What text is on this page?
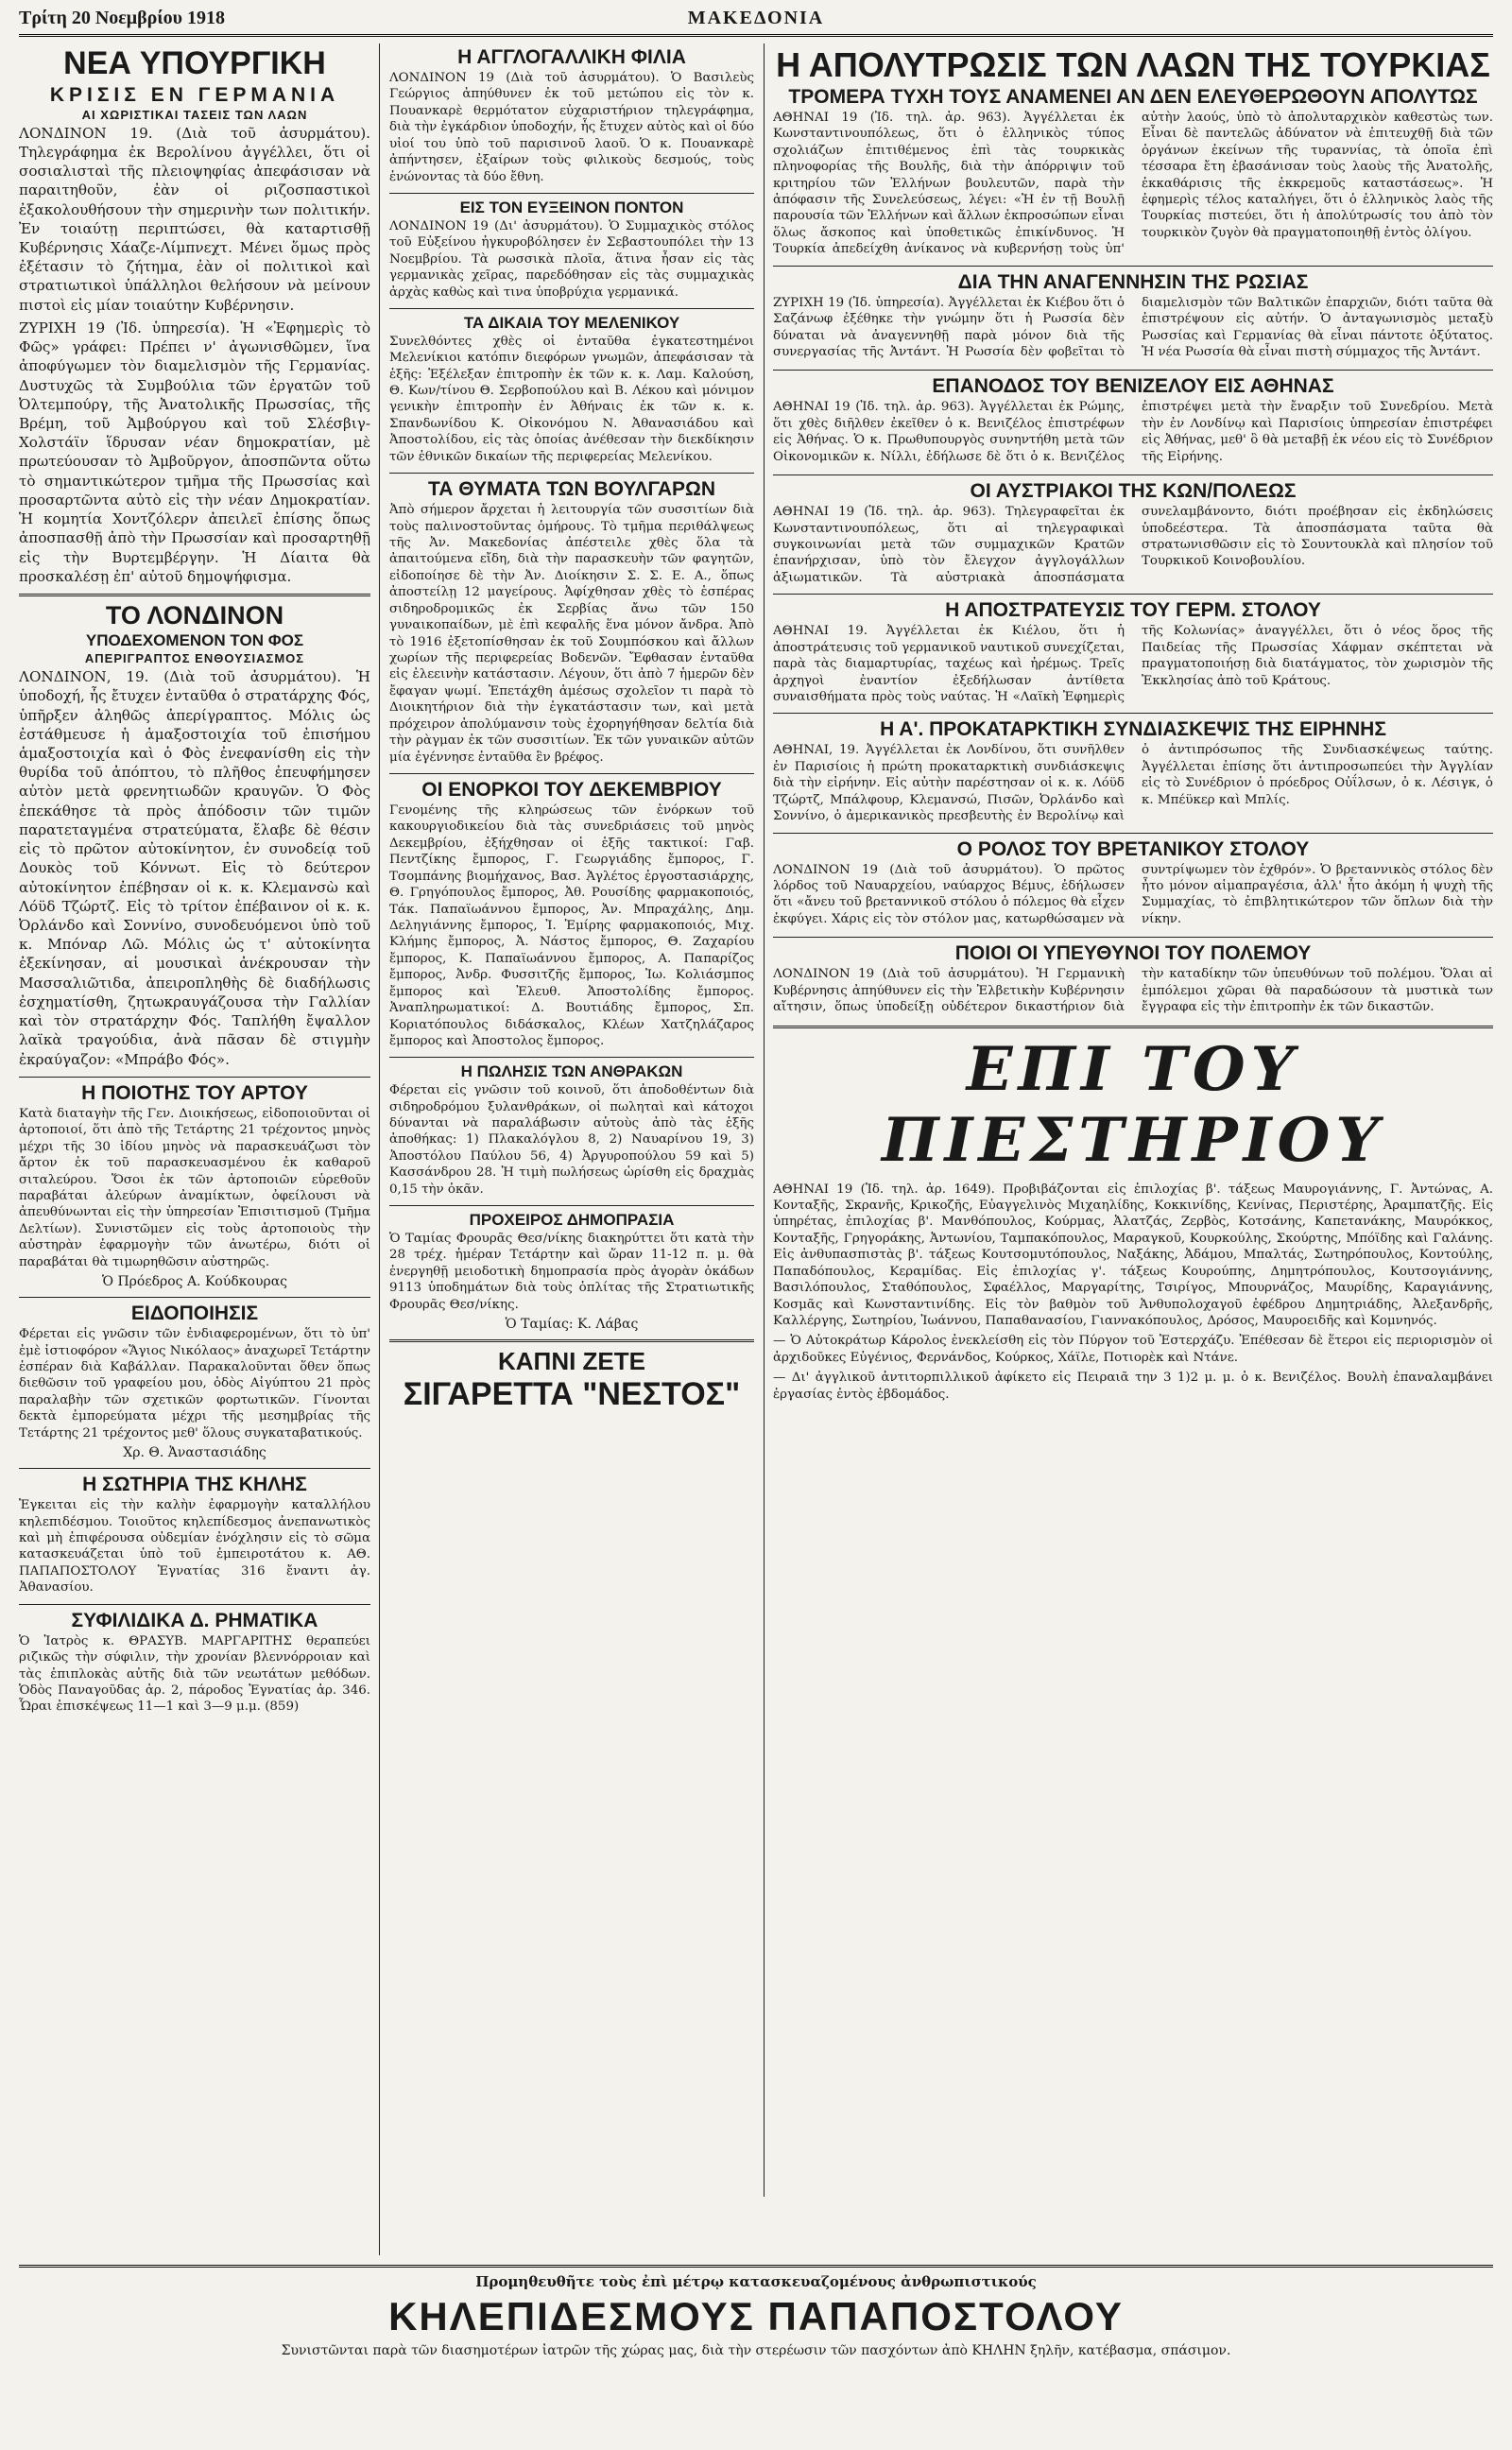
Τρίτη 20 Νοεμβρίου 1918	ΜΑΚΕΔΟΝΙΑ
ΝΕΑ ΥΠΟΥΡΓΙΚΗ
ΚΡΙΣΙΣ ΕΝ ΓΕΡΜΑΝΙΑ
ΑΙ ΧΩΡΙΣΤΙΚΑΙ ΤΑΣΕΙΣ ΤΩΝ ΛΑΩΝ

ΛΟΝΔΙΝΟΝ 19. (Διὰ τοῦ ἀσυρμάτου). Τηλεγράφημα ἐκ Βερολίνου ἀγγέλλει, ὅτι οἱ σοσιαλισταὶ τῆς πλειοψηφίας ἀπεφάσισαν νὰ παραιτηθοῦν, ἐὰν οἱ ριζοσπαστικοὶ ἐξακολουθήσουν τὴν σημερινὴν των πολιτικήν. Ἐν τοιαύτῃ περιπτώσει, θὰ καταρτισθῇ Κυβέρνησις Χάαζε-Λίμπνεχτ. Μένει ὅμως πρὸς ἐξέτασιν τὸ ζήτημα, ἐὰν οἱ πολιτικοὶ καὶ στρατιωτικοὶ ὑπάλληλοι θελήσουν νὰ μείνουν πιστοὶ εἰς μίαν τοιαύτην Κυβέρνησιν.

ΖΥΡΙΧΗ 19 (Ἰδ. ὑπηρεσία). Ἡ «Ἐφημερὶς τὸ Φῶς» γράφει: Πρέπει ν' ἀγωνισθῶμεν, ἵνα ἀποφύγωμεν τὸν διαμελισμὸν τῆς Γερμανίας. Δυστυχῶς τὰ Συμβούλια τῶν ἐργατῶν τοῦ Ὀλτεμπούργ, τῆς Ἀνατολικῆς Πρωσσίας, τῆς Βρέμη, τοῦ Ἀμβούργου καὶ τοῦ Σλέσβιγ-Χολστάϊν ἵδρυσαν νέαν δημοκρατίαν, μὲ πρωτεύουσαν τὸ Ἀμβοῦργον, ἀποσπῶντα οὕτω τὸ σημαντικώτερον τμῆμα τῆς Πρωσσίας καὶ προσαρτῶντα αὐτὸ εἰς τὴν νέαν Δημοκρατίαν. Ἡ κομητία Χοντζόλερν ἀπειλεῖ ἐπίσης ὅπως ἀποσπασθῇ ἀπὸ τὴν Πρωσσίαν καὶ προσαρτηθῇ εἰς τὴν Βυρτεμβέργην. Ἡ Δίαιτα θὰ προσκαλέσῃ ἐπ' αὐτοῦ δημοψήφισμα.

ΤΟ ΛΟΝΔΙΝΟΝ
ΥΠΟΔΕΧΟΜΕΝΟΝ ΤΟΝ ΦΟΣ
ΑΠΕΡΙΓΡΑΠΤΟΣ ΕΝΘΟΥΣΙΑΣΜΟΣ

ΛΟΝΔΙΝΟΝ, 19. (Διὰ τοῦ ἀσυρμάτου). Ἡ ὑποδοχή, ἧς ἔτυχεν ἐνταῦθα ὁ στρατάρχης Φός, ὑπῆρξεν ἀληθῶς ἀπερίγραπτος. Μόλις ὡς ἐστάθμευσε ἡ ἁμαξοστοιχία τοῦ ἐπισήμου ἁμαξοστοιχία καὶ ὁ Φὸς ἐνεφανίσθη εἰς τὴν θυρίδα τοῦ ἀπόπτου, τὸ πλῆθος ἐπευφήμησεν αὐτὸν μετὰ φρενητιωδῶν κραυγῶν. Ὁ Φὸς ἐπεκάθησε τὰ πρὸς ἀπόδοσιν τῶν τιμῶν παρατεταγμένα στρατεύματα, ἔλαβε δὲ θέσιν εἰς τὸ πρῶτον αὐτοκίνητον, ἐν συνοδείᾳ τοῦ Δουκὸς τοῦ Κόννωτ. Εἰς τὸ δεύτερον αὐτοκίνητον ἐπέβησαν οἱ κ. κ. Κλεμανσὼ καὶ Λόϋδ Τζώρτζ. Εἰς τὸ τρίτον ἐπέβαινον οἱ κ. κ. Ὀρλάνδο καὶ Σοννίνο, συνοδευόμενοι ὑπὸ τοῦ κ. Μπόναρ Λῶ. Μόλις ὡς τ' αὐτοκίνητα ἐξεκίνησαν, αἱ μουσικαὶ ἀνέκρουσαν τὴν Μασσαλιῶτιδα, ἀπειροπληθὴς δὲ διαδήλωσις ἐσχηματίσθη, ζητωκραυγάζουσα τὴν Γαλλίαν καὶ τὸν στρατάρχην Φός. Ταπλήθη ἔψαλλον λαϊκὰ τραγούδια, ἀνὰ πᾶσαν δὲ στιγμὴν ἐκραύγαζον: «Μπράβο Φός».

Η ΠΟΙΟΤΗΣ ΤΟΥ ΑΡΤΟΥ

Κατὰ διαταγὴν τῆς Γεν. Διοικήσεως, εἰδοποιοῦνται οἱ ἀρτοποιοί, ὅτι ἀπὸ τῆς Τετάρτης 21 τρέχοντος μηνὸς μέχρι τῆς 30 ἰδίου μηνὸς νὰ παρασκευάζωσι τὸν ἄρτον ἐκ τοῦ παρασκευασμένου ἐκ καθαροῦ σιταλεύρου. Ὅσοι ἐκ τῶν ἀρτοποιῶν εὑρεθοῦν παραβάται ἀλεύρων ἀναμίκτων, ὀφείλουσι νὰ ἀπευθύνωνται εἰς τὴν ὑπηρεσίαν Ἐπισιτισμοῦ (Τμῆμα Δελτίων). Συνιστῶμεν εἰς τοὺς ἀρτοποιοὺς τὴν αὐστηρὰν ἐφαρμογὴν τῶν ἀνωτέρω, διότι οἱ παραβάται θὰ τιμωρηθῶσιν αὐστηρῶς.

Ὁ Πρόεδρος Α. Κούδκουρας
ΕΙΔΟΠΟΙΗΣΙΣ

Φέρεται εἰς γνῶσιν τῶν ἐνδιαφερομένων, ὅτι τὸ ὑπ' ἐμὲ ἰστιοφόρον «Ἅγιος Νικόλαος» ἀναχωρεῖ Τετάρτην ἑσπέραν διὰ Καβάλλαν. Παρακαλοῦνται ὅθεν ὅπως διεθῶσιν τοῦ γραφείου μου, ὁδὸς Αἰγύπτου 21 πρὸς παραλαβὴν τῶν σχετικῶν φορτωτικῶν. Γίνονται δεκτὰ ἐμπορεύματα μέχρι τῆς μεσημβρίας τῆς Τετάρτης 21 τρέχοντος μεθ' ὅλους συγκαταβατικούς.

Χρ. Θ. Ἀναστασιάδης
Η ΣΩΤΗΡΙΑ ΤΗΣ ΚΗΛΗΣ

Ἐγκειται εἰς τὴν καλὴν ἐφαρμογὴν καταλλήλου κηλεπιδέσμου. Τοιοῦτος κηλεπίδεσμος ἀνεπανωτικὸς καὶ μὴ ἐπιφέρουσα οὐδεμίαν ἐνόχλησιν εἰς τὸ σῶμα κατασκευάζεται ὑπὸ τοῦ ἐμπειροτάτου κ. ΑΘ. ΠΑΠΑΠΟΣΤΟΛΟΥ Ἐγνατίας 316 ἔναντι ἀγ. Ἀθανασίου.

ΣΥΦΙΛΙΔΙΚΑ Δ. ΡΗΜΑΤΙΚΑ

Ὁ Ἰατρὸς κ. ΘΡΑΣΥΒ. ΜΑΡΓΑΡΙΤΗΣ θεραπεύει ριζικῶς τὴν σύφιλιν, τὴν χρονίαν βλεννόρροιαν καὶ τὰς ἐπιπλοκὰς αὐτῆς διὰ τῶν νεωτάτων μεθόδων. Ὁδὸς Παναγοῦδας ἀρ. 2, πάροδος Ἐγνατίας ἀρ. 346. Ὧραι ἐπισκέψεως 11—1 καὶ 3—9 μ.μ. (859)

Η ΑΓΓΛΟΓΑΛΛΙΚΗ ΦΙΛΙΑ

ΛΟΝΔΙΝΟΝ 19 (Διὰ τοῦ ἀσυρμάτου). Ὁ Βασιλεὺς Γεώργιος ἀπηύθυνεν ἐκ τοῦ μετώπου εἰς τὸν κ. Πουανκαρὲ θερμότατον εὐχαριστήριον τηλεγράφημα, διὰ τὴν ἐγκάρδιον ὑποδοχήν, ἧς ἔτυχεν αὐτὸς καὶ οἱ δύο υἱοί του ὑπὸ τοῦ παρισινοῦ λαοῦ. Ὁ κ. Πουανκαρὲ ἀπήντησεν, ἐξαίρων τοὺς φιλικοὺς δεσμούς, τοὺς ἑνώνοντας τὰ δύο ἔθνη.

ΕΙΣ ΤΟΝ ΕΥΞΕΙΝΟΝ ΠΟΝΤΟΝ

ΛΟΝΔΙΝΟΝ 19 (Δι' ἀσυρμάτου). Ὁ Συμμαχικὸς στόλος τοῦ Εὐξείνου ἠγκυροβόλησεν ἐν Σεβαστουπόλει τὴν 13 Νοεμβρίου. Τὰ ρωσσικὰ πλοῖα, ἅτινα ἦσαν εἰς τὰς γερμανικὰς χεῖρας, παρεδόθησαν εἰς τὰς συμμαχικὰς ἀρχὰς καθὼς καὶ τινα ὑποβρύχια γερμανικά.

ΤΑ ΔΙΚΑΙΑ ΤΟΥ ΜΕΛΕΝΙΚΟΥ

Συνελθόντες χθὲς οἱ ἐνταῦθα ἐγκατεστημένοι Μελενίκιοι κατόπιν διεφόρων γνωμῶν, ἀπεφάσισαν τὰ ἑξῆς: Ἐξέλεξαν ἐπιτροπὴν ἐκ τῶν κ. κ. Λαμ. Καλούση, Θ. Κων/τίνου Θ. Σερβοπούλου καὶ Β. Λέκου καὶ μόνιμον γενικὴν ἐπιτροπὴν ἐν Ἀθήναις ἐκ τῶν κ. κ. Σπανδωνίδου Κ. Οἰκονόμου Ν. Ἀθανασιάδου καὶ Ἀποστολίδου, εἰς τὰς ὁποίας ἀνέθεσαν τὴν διεκδίκησιν τῶν ἐθνικῶν δικαίων τῆς περιφερείας Μελενίκου.

ΤΑ ΘΥΜΑΤΑ ΤΩΝ ΒΟΥΛΓΑΡΩΝ

Ἀπὸ σήμερον ἄρχεται ἡ λειτουργία τῶν συσσιτίων διὰ τοὺς παλινοστοῦντας ὁμήρους. Τὸ τμῆμα περιθάλψεως τῆς Ἀν. Μακεδονίας ἀπέστειλε χθὲς ὅλα τὰ ἀπαιτούμενα εἴδη, διὰ τὴν παρασκευὴν τῶν φαγητῶν, εἰδοποίησε δὲ τὴν Ἀν. Διοίκησιν Σ. Σ. Ε. Α., ὅπως ἀποστείλῃ 12 μαγείρους. Ἀφίχθησαν χθὲς τὸ ἑσπέρας σιδηροδρομικῶς ἐκ Σερβίας ἄνω τῶν 150 γυναικοπαίδων, μὲ ἐπὶ κεφαλῆς ἕνα μόνον ἄνδρα. Ἀπὸ τὸ 1916 ἐξετοπίσθησαν ἐκ τοῦ Σουμπόσκου καὶ ἄλλων χωρίων τῆς περιφερείας Βοδενῶν. Ἔφθασαν ἐνταῦθα εἰς ἐλεεινὴν κατάστασιν. Λέγουν, ὅτι ἀπὸ 7 ἡμερῶν δὲν ἔφαγαν ψωμί. Ἐπετάχθη ἀμέσως σχολεῖον τι παρὰ τὸ Διοικητήριον διὰ τὴν ἐγκατάστασιν των, καὶ μετὰ πρόχειρον ἀπολύμανσιν τοὺς ἐχορηγήθησαν δελτία διὰ τὴν ρὰγμαν ἐκ τῶν συσσιτίων. Ἐκ τῶν γυναικῶν αὐτῶν μία ἐγέννησε ἐνταῦθα ἓν βρέφος.

ΟΙ ΕΝΟΡΚΟΙ ΤΟΥ ΔΕΚΕΜΒΡΙΟΥ

Γενομένης τῆς κληρώσεως τῶν ἐνόρκων τοῦ κακουργιοδικείου διὰ τὰς συνεδριάσεις τοῦ μηνὸς Δεκεμβρίου, ἐξήχθησαν οἱ ἑξῆς τακτικοί: Γαβ. Πεντζίκης ἔμπορος, Γ. Γεωργιάδης ἔμπορος, Γ. Τσομπάνης βιομήχανος, Βασ. Ἀγλέτος ἐργοστασιάρχης, Θ. Γρηγόπουλος ἔμπορος, Ἀθ. Ρουσίδης φαρμακοποιός, Τάκ. Παπαϊωάννου ἔμπορος, Ἀν. Μπραχάλης, Δημ. Δεληγιάννης ἔμπορος, Ἰ. Ἐμίρης φαρμακοποιός, Μιχ. Κλήμης ἔμπορος, Ἀ. Νάστος ἔμπορος, Θ. Ζαχαρίου ἔμπορος, Κ. Παπαϊωάννου ἔμπορος, Α. Παπαρίζος ἔμπορος, Ἀνδρ. Φυσσιτζῆς ἔμπορος, Ἰω. Κολιάσμπος ἔμπορος καὶ Ἐλευθ. Ἀποστολίδης ἔμπορος. Ἀναπληρωματικοί: Δ. Βουτιάδης ἔμπορος, Σπ. Κοριατόπουλος διδάσκαλος, Κλέων Χατζηλάζαρος ἔμπορος καὶ Ἀποστολος ἔμπορος.

Η ΠΩΛΗΣΙΣ ΤΩΝ ΑΝΘΡΑΚΩΝ

Φέρεται εἰς γνῶσιν τοῦ κοινοῦ, ὅτι ἀποδοθέντων διὰ σιδηροδρόμου ξυλανθράκων, οἱ πωληταὶ καὶ κάτοχοι δύνανται νὰ παραλάβωσιν αὐτοὺς ἀπὸ τὰς ἑξῆς ἀποθήκας: 1) Πλακαλόγλου 8, 2) Ναυαρίνου 19, 3) Ἀποστόλου Παύλου 56, 4) Ἀργυροπούλου 59 καὶ 5) Κασσάνδρου 28. Ἡ τιμὴ πωλήσεως ὡρίσθη εἰς δραχμὰς 0,15 τὴν ὀκᾶν.

ΠΡΟΧΕΙΡΟΣ ΔΗΜΟΠΡΑΣΙΑ

Ὁ Ταμίας Φρουρᾶς Θεσ/νίκης διακηρύττει ὅτι κατὰ τὴν 28 τρέχ. ἡμέραν Τετάρτην καὶ ὥραν 11-12 π. μ. θὰ ἐνεργηθῇ μειοδοτικὴ δημοπρασία πρὸς ἀγορὰν ὀκάδων 9113 ὑποδημάτων διὰ τοὺς ὁπλίτας τῆς Στρατιωτικῆς Φρουρᾶς Θεσ/νίκης.

Ὁ Ταμίας: Κ. Λάβας
ΚΑΠΝΙ ΖΕΤΕ
ΣΙΓΑΡΕΤΤΑ "ΝΕΣΤΟΣ"
Η ΑΠΟΛΥΤΡΩΣΙΣ ΤΩΝ ΛΑΩΝ ΤΗΣ ΤΟΥΡΚΙΑΣ
ΤΡΟΜΕΡΑ ΤΥΧΗ ΤΟΥΣ ΑΝΑΜΕΝΕΙ ΑΝ ΔΕΝ ΕΛΕΥΘΕΡΩΘΟΥΝ ΑΠΟΛΥΤΩΣ

ΑΘΗΝΑΙ 19 (Ἰδ. τηλ. ἀρ. 963). Ἀγγέλλεται ἐκ Κωνσταντινουπόλεως, ὅτι ὁ ἑλληνικὸς τύπος σχολιάζων ἐπιτιθέμενος ἐπὶ τὰς τουρκικὰς πληνοφορίας τῆς Βουλῆς, διὰ τὴν ἀπόρριψιν τοῦ κριτηρίου τῶν Ἑλλήνων βουλευτῶν, παρὰ τὴν ἀπόφασιν τῆς Συνελεύσεως, λέγει: «Ἡ ἐν τῇ Βουλῇ παρουσία τῶν Ἑλλήνων καὶ ἄλλων ἐκπροσώπων εἶναι ὅλως ἄσκοπος καὶ ὑποθετικῶς ἐπικίνδυνος. Ἡ Τουρκία ἀπεδείχθη ἀνίκανος νὰ κυβερνήσῃ τοὺς ὑπ' αὐτὴν λαούς, ὑπὸ τὸ ἀπολυταρχικὸν καθεστὼς των. Εἶναι δὲ παντελῶς ἀδύνατον νὰ ἐπιτευχθῇ διὰ τῶν ὀργάνων ἐκείνων τῆς τυραννίας, τὰ ὁποῖα ἐπὶ τέσσαρα ἔτη ἐβασάνισαν τοὺς λαοὺς τῆς Ἀνατολῆς, ἐκκαθάρισις τῆς ἐκκρεμοῦς καταστάσεως». Ἡ ἐφημερὶς τέλος καταλήγει, ὅτι ὁ ἑλληνικὸς λαὸς τῆς Τουρκίας πιστεύει, ὅτι ἡ ἀπολύτρωσίς του ἀπὸ τὸν τουρκικὸν ζυγὸν θὰ πραγματοποιηθῇ ἐντὸς ὀλίγου.

ΔΙΑ ΤΗΝ ΑΝΑΓΕΝΝΗΣΙΝ ΤΗΣ ΡΩΣΙΑΣ

ΖΥΡΙΧΗ 19 (Ἰδ. ὑπηρεσία). Ἀγγέλλεται ἐκ Κιέβου ὅτι ὁ Σαζάνωφ ἐξέθηκε τὴν γνώμην ὅτι ἡ Ρωσσία δὲν δύναται νὰ ἀναγεννηθῇ παρὰ μόνον διὰ τῆς συνεργασίας τῆς Ἀντάντ. Ἡ Ρωσσία δὲν φοβεῖται τὸ διαμελισμὸν τῶν Βαλτικῶν ἐπαρχιῶν, διότι ταῦτα θὰ ἐπιστρέψουν εἰς αὐτήν. Ὁ ἀνταγωνισμὸς μεταξὺ Ρωσσίας καὶ Γερμανίας θὰ εἶναι πάντοτε ὀξύτατος. Ἡ νέα Ρωσσία θὰ εἶναι πιστὴ σύμμαχος τῆς Ἀντάντ.

ΕΠΑΝΟΔΟΣ ΤΟΥ ΒΕΝΙΖΕΛΟΥ ΕΙΣ ΑΘΗΝΑΣ

ΑΘΗΝΑΙ 19 (Ἰδ. τηλ. ἀρ. 963). Ἀγγέλλεται ἐκ Ρώμης, ὅτι χθὲς διῆλθεν ἐκεῖθεν ὁ κ. Βενιζέλος ἐπιστρέφων εἰς Ἀθήνας. Ὁ κ. Πρωθυπουργὸς συνηντήθη μετὰ τῶν Οἰκονομικῶν κ. Νίλλι, ἐδήλωσε δὲ ὅτι ὁ κ. Βενιζέλος ἐπιστρέψει μετὰ τὴν ἔναρξιν τοῦ Συνεδρίου. Μετὰ τὴν ἐν Λονδίνῳ καὶ Παρισίοις ὑπηρεσίαν ἐπιστρέφει εἰς Ἀθήνας, μεθ' ὃ θὰ μεταβῇ ἐκ νέου εἰς τὸ Συνέδριον τῆς Εἰρήνης.

ΟΙ ΑΥΣΤΡΙΑΚΟΙ ΤΗΣ ΚΩΝ/ΠΟΛΕΩΣ

ΑΘΗΝΑΙ 19 (Ἰδ. τηλ. ἀρ. 963). Τηλεγραφεῖται ἐκ Κωνσταντινουπόλεως, ὅτι αἱ τηλεγραφικαὶ συγκοινωνίαι μετὰ τῶν συμμαχικῶν Κρατῶν ἐπανήρχισαν, ὑπὸ τὸν ἔλεγχον ἀγγλογάλλων ἀξιωματικῶν. Τὰ αὐστριακὰ ἀποσπάσματα συνελαμβάνοντο, διότι προέβησαν εἰς ἐκδηλώσεις ὑποδεέστερα. Τὰ ἀποσπάσματα ταῦτα θὰ στρατωνισθῶσιν εἰς τὸ Σουντουκλὰ καὶ πλησίον τοῦ Τουρκικοῦ Κοινοβουλίου.

Η ΑΠΟΣΤΡΑΤΕΥΣΙΣ ΤΟΥ ΓΕΡΜ. ΣΤΟΛΟΥ

ΑΘΗΝΑΙ 19. Ἀγγέλλεται ἐκ Κιέλου, ὅτι ἡ ἀποστράτευσις τοῦ γερμανικοῦ ναυτικοῦ συνεχίζεται, παρὰ τὰς διαμαρτυρίας, ταχέως καὶ ἠρέμως. Τρεῖς ἀρχηγοὶ ἐναντίον ἐξεδήλωσαν ἀντίθετα συναισθήματα πρὸς τοὺς ναύτας. Ἡ «Λαϊκὴ Ἐφημερὶς τῆς Κολωνίας» ἀναγγέλλει, ὅτι ὁ νέος ὅρος τῆς Παιδείας τῆς Πρωσσίας Χάφμαν σκέπτεται νὰ πραγματοποιήσῃ διὰ διατάγματος, τὸν χωρισμὸν τῆς Ἐκκλησίας ἀπὸ τοῦ Κράτους.

Η Α'. ΠΡΟΚΑΤΑΡΚΤΙΚΗ ΣΥΝΔΙΑΣΚΕΨΙΣ ΤΗΣ ΕΙΡΗΝΗΣ

ΑΘΗΝΑΙ, 19. Ἀγγέλλεται ἐκ Λονδίνου, ὅτι συνῆλθεν ἐν Παρισίοις ἡ πρώτη προκαταρκτικὴ συνδιάσκεψις διὰ τὴν εἰρήνην. Εἰς αὐτὴν παρέστησαν οἱ κ. κ. Λόϋδ Τζώρτζ, Μπάλφουρ, Κλεμανσώ, Πισῶν, Ὀρλάνδο καὶ Σοννίνο, ὁ ἀμερικανικὸς πρεσβευτὴς ἐν Βερολίνῳ καὶ ὁ ἀντιπρόσωπος τῆς Συνδιασκέψεως ταύτης. Ἀγγέλλεται ἐπίσης ὅτι ἀντιπροσωπεύει τὴν Ἀγγλίαν εἰς τὸ Συνέδριον ὁ πρόεδρος Οὐΐλσων, ὁ κ. Λέσιγκ, ὁ κ. Μπέϋκερ καὶ Μπλίς.

Ο ΡΟΛΟΣ ΤΟΥ ΒΡΕΤΑΝΙΚΟΥ ΣΤΟΛΟΥ

ΛΟΝΔΙΝΟΝ 19 (Διὰ τοῦ ἀσυρμάτου). Ὁ πρῶτος λόρδος τοῦ Ναυαρχείου, ναύαρχος Βέμυς, ἐδήλωσεν ὅτι «ἄνευ τοῦ βρεταννικοῦ στόλου ὁ πόλεμος θὰ εἶχεν ἐκφύγει. Χάρις εἰς τὸν στόλον μας, κατωρθώσαμεν νὰ συντρίψωμεν τὸν ἐχθρόν». Ὁ βρεταννικὸς στόλος δὲν ἦτο μόνον αἱμαπραγέσια, ἀλλ' ἦτο ἀκόμη ἡ ψυχὴ τῆς Συμμαχίας, τὸ ἐπιβλητικώτερον τῶν ὅπλων διὰ τὴν νίκην.

ΠΟΙΟΙ ΟΙ ΥΠΕΥΘΥΝΟΙ ΤΟΥ ΠΟΛΕΜΟΥ

ΛΟΝΔΙΝΟΝ 19 (Διὰ τοῦ ἀσυρμάτου). Ἡ Γερμανικὴ Κυβέρνησις ἀπηύθυνεν εἰς τὴν Ἐλβετικὴν Κυβέρνησιν αἴτησιν, ὅπως ὑποδείξῃ οὐδέτερον δικαστήριον διὰ τὴν καταδίκην τῶν ὑπευθύνων τοῦ πολέμου. Ὅλαι αἱ ἐμπόλεμοι χῶραι θὰ παραδώσουν τὰ μυστικὰ των ἔγγραφα εἰς τὴν ἐπιτροπὴν ἐκ τῶν δικαστῶν.

ΕΠΙ ΤΟΥ ΠΙΕΣΤΗΡΙΟΥ

ΑΘΗΝΑΙ 19 (Ἰδ. τηλ. ἀρ. 1649). Προβιβάζονται εἰς ἐπιλοχίας β'. τάξεως Μαυρογιάννης, Γ. Ἀντώνας, Α. Κονταξῆς, Σκρανῆς, Κρικοζῆς, Εὐαγγελινὸς Μιχαηλίδης, Κοκκινίδης, Κενίνας, Περιστέρης, Ἀραμπατζῆς. Εἰς ὑπηρέτας, ἐπιλοχίας β'. Μανθόπουλος, Κούρμας, Ἀλατζάς, Ζερβὸς, Κοτσάνης, Καπετανάκης, Μαυρόκκος, Κονταξῆς, Γρηγοράκης, Ἀντωνίου, Ταμπακόπουλος, Μαραγκοῦ, Κουρκούλης, Σκούρτης, Μπόϊδης καὶ Γαλάνης. Εἰς ἀνθυπασπιστὰς β'. τάξεως Κουτσομυτόπουλος, Ναξάκης, Ἀδάμου, Μπαλτάς, Σωτηρόπουλος, Κοντούλης, Παπαδόπουλος, Κεραμίδας. Εἰς ἐπιλοχίας γ'. τάξεως Κουρούπης, Δημητρόπουλος, Κουτσογιάννης, Βασιλόπουλος, Σταθόπουλος, Σφαέλλος, Μαργαρίτης, Τσιρίγος, Μπουρνάζος, Μαυρίδης, Καραγιάννης, Κοσμᾶς καὶ Κωνσταντινίδης. Εἰς τὸν βαθμὸν τοῦ Ἀνθυπολοχαγοῦ ἐφέδρου Δημητριάδης, Ἀλεξανδρῆς, Καλλέργης, Σωτηρίου, Ἰωάννου, Παπαθανασίου, Γιαννακόπουλος, Δρόσος, Μαυροειδῆς καὶ Κομνηνός.

— Ὁ Αὐτοκράτωρ Κάρολος ἐνεκλείσθη εἰς τὸν Πύργον τοῦ Ἐστερχάζυ. Ἐπέθεσαν δὲ ἕτεροι εἰς περιορισμὸν οἱ ἀρχιδοῦκες Εὐγένιος, Φερνάνδος, Κούρκος, Χάϊλε, Ποτιορὲκ καὶ Ντάνε.

— Δι' ἀγγλικοῦ ἀντιτορπιλλικοῦ ἀφίκετο εἰς Πειραιᾶ την 3 1)2 μ. μ. ὁ κ. Βενιζέλος. Βουλὴ ἐπαναλαμβάνει ἐργασίας ἐντὸς ἑβδομάδος.

Προμηθευθῆτε τοὺς ἐπὶ μέτρῳ κατασκευαζομένους ἀνθρωπιστικούς
ΚΗΛΕΠΙΔΕΣΜΟΥΣ ΠΑΠΑΠΟΣΤΟΛΟΥ
Συνιστῶνται παρὰ τῶν διασημοτέρων ἰατρῶν τῆς χώρας μας, διὰ τὴν στερέωσιν τῶν πασχόντων ἀπὸ ΚΗΛΗΝ ξηλῆν, κατέβασμα, σπάσιμον.
